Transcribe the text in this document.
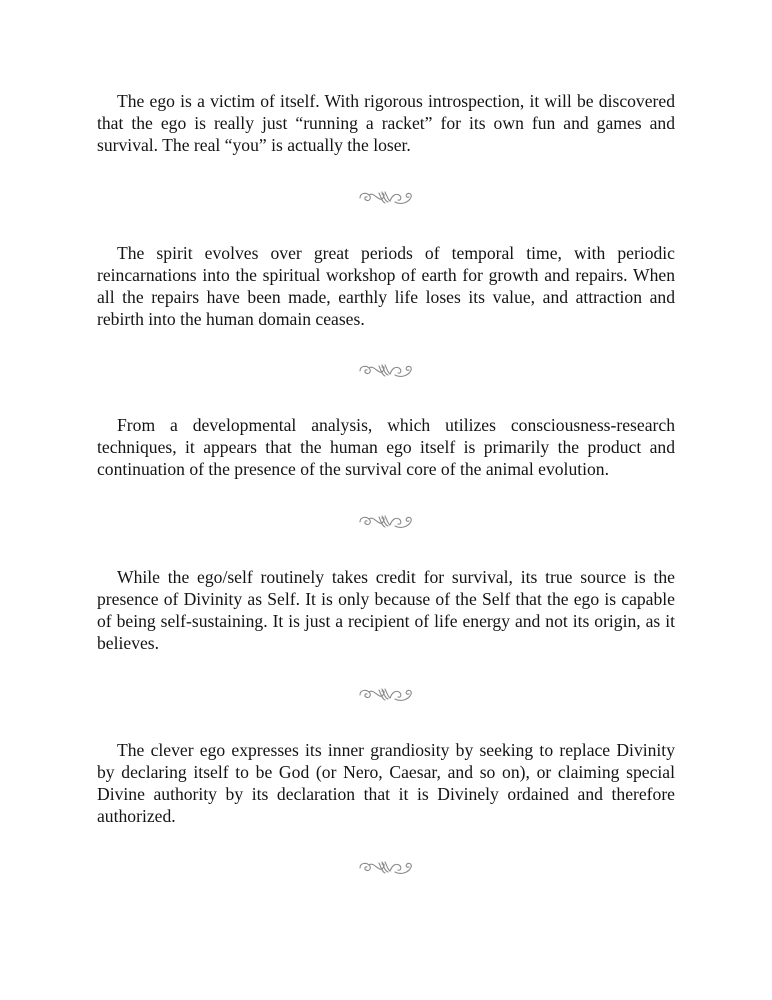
The ego is a victim of itself. With rigorous introspection, it will be discovered that the ego is really just “running a racket” for its own fun and games and survival. The real “you” is actually the loser.

The spirit evolves over great periods of temporal time, with periodic reincarnations into the spiritual workshop of earth for growth and repairs. When all the repairs have been made, earthly life loses its value, and attraction and rebirth into the human domain ceases.

From a developmental analysis, which utilizes consciousness-research techniques, it appears that the human ego itself is primarily the product and continuation of the presence of the survival core of the animal evolution.

While the ego/self routinely takes credit for survival, its true source is the presence of Divinity as Self. It is only because of the Self that the ego is capable of being self-sustaining. It is just a recipient of life energy and not its origin, as it believes.

The clever ego expresses its inner grandiosity by seeking to replace Divinity by declaring itself to be God (or Nero, Caesar, and so on), or claiming special Divine authority by its declaration that it is Divinely ordained and therefore authorized.
